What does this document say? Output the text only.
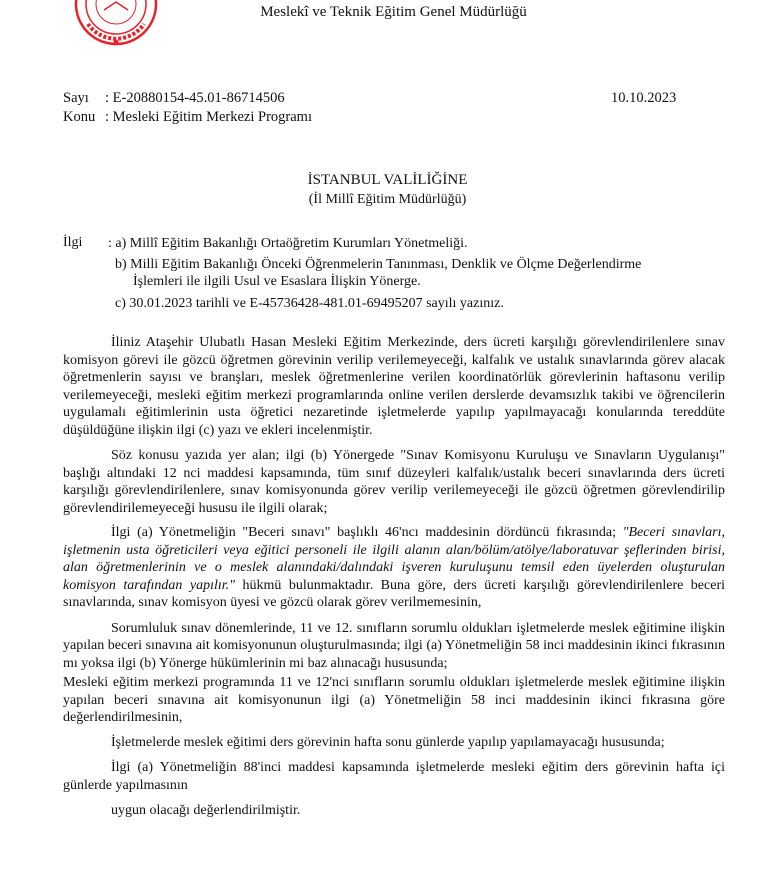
Meslekî ve Teknik Eğitim Genel Müdürlüğü
Sayı : E-20880154-45.01-86714506
Konu : Mesleki Eğitim Merkezi Programı
10.10.2023
İSTANBUL VALİLİĞİNE
(İl Millî Eğitim Müdürlüğü)
İlgi : a) Millî Eğitim Bakanlığı Ortaöğretim Kurumları Yönetmeliği.
b) Milli Eğitim Bakanlığı Önceki Öğrenmelerin Tanınması, Denklik ve Ölçme Değerlendirme
İşlemleri ile ilgili Usul ve Esaslara İlişkin Yönerge.
c) 30.01.2023 tarihli ve E-45736428-481.01-69495207 sayılı yazınız.

İliniz Ataşehir Ulubatlı Hasan Mesleki Eğitim Merkezinde, ders ücreti karşılığı görevlendirilenlere sınav komisyon görevi ile gözcü öğretmen görevinin verilip verilemeyeceği, kalfalık ve ustalık sınavlarında görev alacak öğretmenlerin sayısı ve branşları, meslek öğretmenlerine verilen koordinatörlük görevlerinin haftasonu verilip verilemeyeceği, mesleki eğitim merkezi programlarında online verilen derslerde devamsızlık takibi ve öğrencilerin uygulamalı eğitimlerinin usta öğretici nezaretinde işletmelerde yapılıp yapılmayacağı konularında tereddüte düşüldüğüne ilişkin ilgi (c) yazı ve ekleri incelenmiştir.

Söz konusu yazıda yer alan; ilgi (b) Yönergede "Sınav Komisyonu Kuruluşu ve Sınavların Uygulanışı" başlığı altındaki 12 nci maddesi kapsamında, tüm sınıf düzeyleri kalfalık/ustalık beceri sınavlarında ders ücreti karşılığı görevlendirilenlere, sınav komisyonunda görev verilip verilemeyeceği ile gözcü öğretmen görevlendirilip görevlendirilemeyeceği hususu ile ilgili olarak;

İlgi (a) Yönetmeliğin "Beceri sınavı" başlıklı 46'ncı maddesinin dördüncü fıkrasında; "Beceri sınavları, işletmenin usta öğreticileri veya eğitici personeli ile ilgili alanın alan/bölüm/atölye/laboratuvar şeflerinden birisi, alan öğretmenlerinin ve o meslek alanındaki/dalındaki işveren kuruluşunu temsil eden üyelerden oluşturulan komisyon tarafından yapılır." hükmü bulunmaktadır. Buna göre, ders ücreti karşılığı görevlendirilenlere beceri sınavlarında, sınav komisyon üyesi ve gözcü olarak görev verilmemesinin,

Sorumluluk sınav dönemlerinde, 11 ve 12. sınıfların sorumlu oldukları işletmelerde meslek eğitimine ilişkin yapılan beceri sınavına ait komisyonunun oluşturulmasında; ilgi (a) Yönetmeliğin 58 inci maddesinin ikinci fıkrasının mı yoksa ilgi (b) Yönerge hükümlerinin mi baz alınacağı hususunda;

Mesleki eğitim merkezi programında 11 ve 12'nci sınıfların sorumlu oldukları işletmelerde meslek eğitimine ilişkin yapılan beceri sınavına ait komisyonunun ilgi (a) Yönetmeliğin 58 inci maddesinin ikinci fıkrasına göre değerlendirilmesinin,

İşletmelerde meslek eğitimi ders görevinin hafta sonu günlerde yapılıp yapılamayacağı hususunda;

İlgi (a) Yönetmeliğin 88'inci maddesi kapsamında işletmelerde mesleki eğitim ders görevinin hafta içi günlerde yapılmasının

uygun olacağı değerlendirilmiştir.
